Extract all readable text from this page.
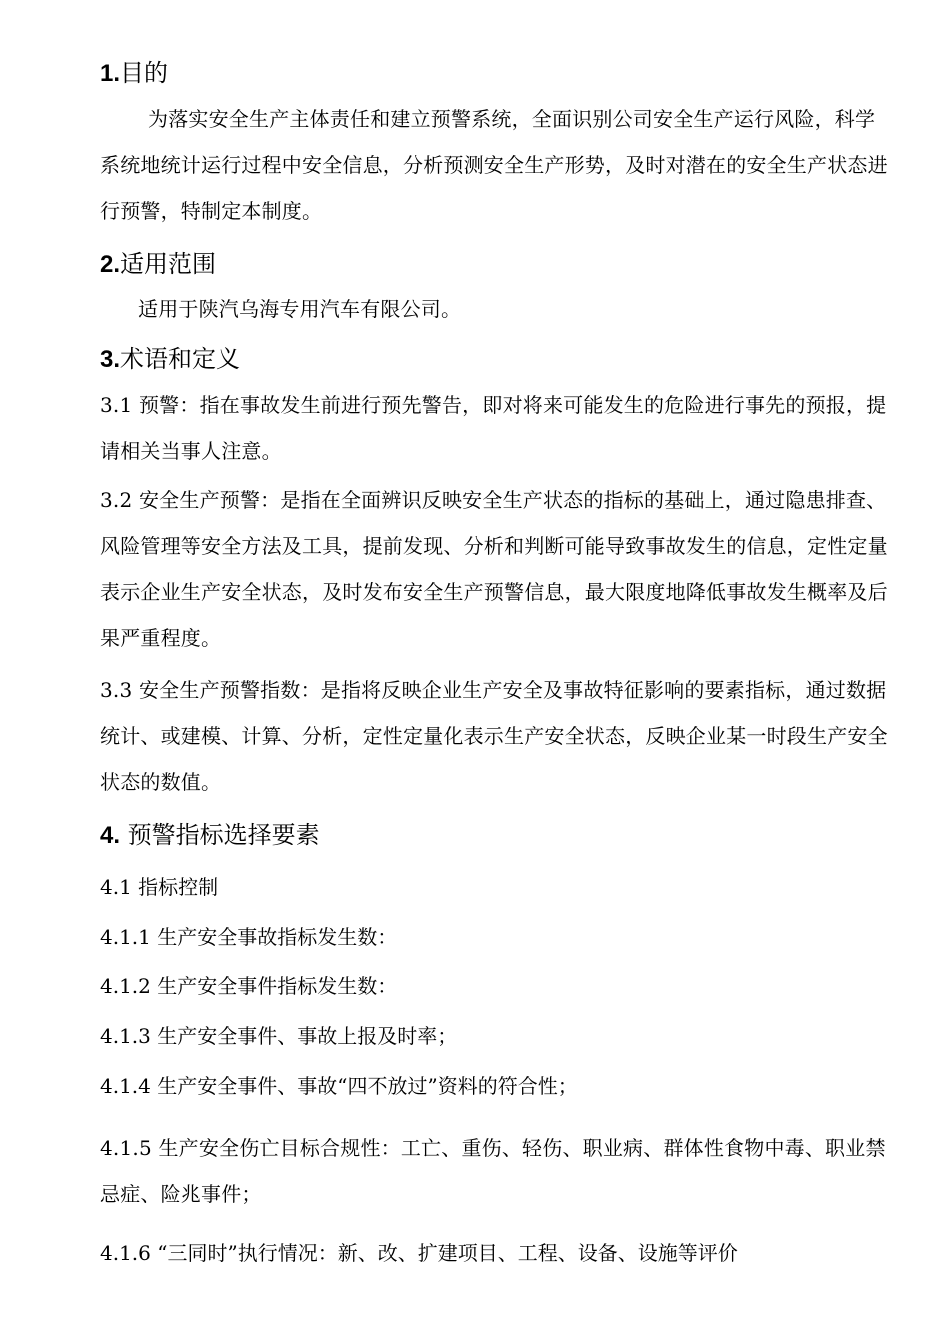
1.目的
为落实安全生产主体责任和建立预警系统，全面识别公司安全生产运行风险，科学系统地统计运行过程中安全信息，分析预测安全生产形势，及时对潜在的安全生产状态进行预警，特制定本制度。
2.适用范围
适用于陕汽乌海专用汽车有限公司。
3.术语和定义
3.1 预警：指在事故发生前进行预先警告，即对将来可能发生的危险进行事先的预报，提请相关当事人注意。
3.2 安全生产预警：是指在全面辨识反映安全生产状态的指标的基础上，通过隐患排查、风险管理等安全方法及工具，提前发现、分析和判断可能导致事故发生的信息，定性定量表示企业生产安全状态，及时发布安全生产预警信息，最大限度地降低事故发生概率及后果严重程度。
3.3 安全生产预警指数：是指将反映企业生产安全及事故特征影响的要素指标，通过数据统计、或建模、计算、分析，定性定量化表示生产安全状态，反映企业某一时段生产安全状态的数值。
4. 预警指标选择要素
4.1 指标控制
4.1.1 生产安全事故指标发生数：
4.1.2 生产安全事件指标发生数：
4.1.3 生产安全事件、事故上报及时率；
4.1.4 生产安全事件、事故“四不放过”资料的符合性；
4.1.5 生产安全伤亡目标合规性：工亡、重伤、轻伤、职业病、群体性食物中毒、职业禁忌症、险兆事件；
4.1.6 “三同时”执行情况：新、改、扩建项目、工程、设备、设施等评价
